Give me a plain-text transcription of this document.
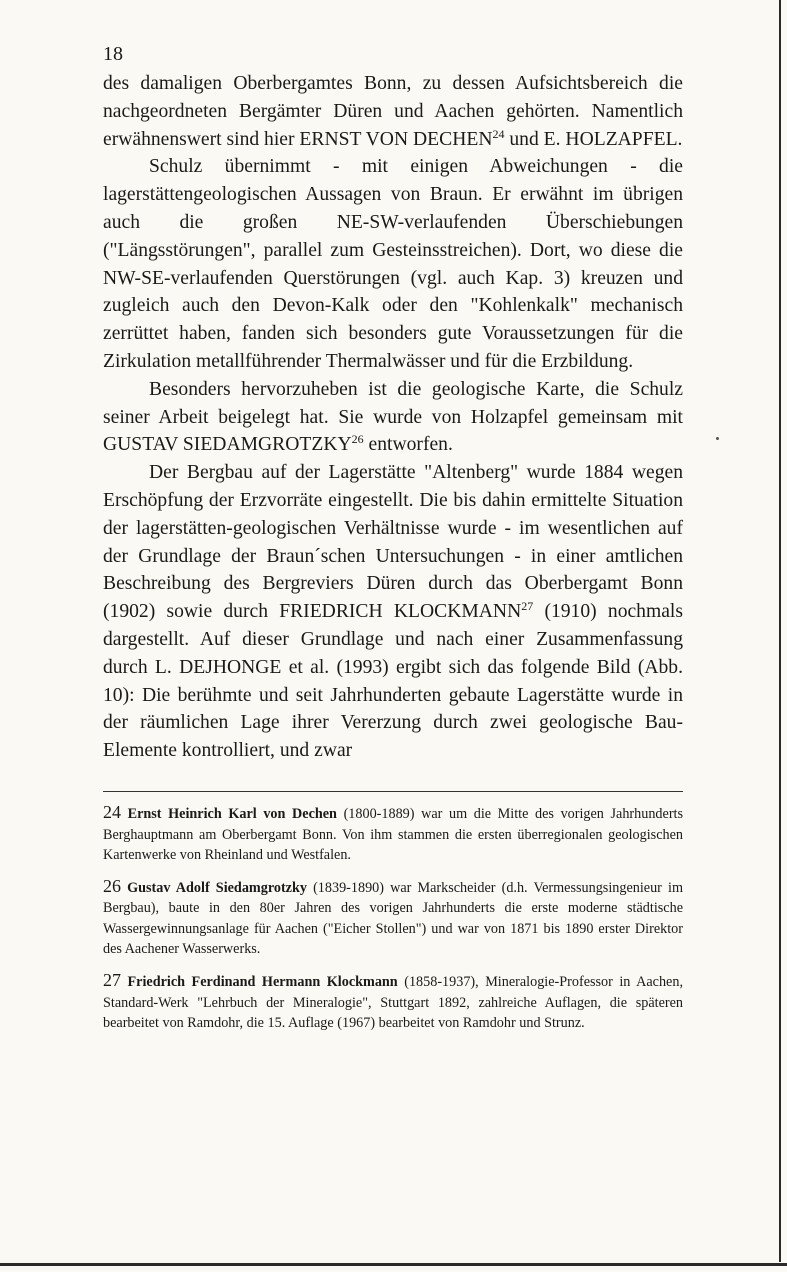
18

des damaligen Oberbergamtes Bonn, zu dessen Aufsichtsbereich die nachgeordneten Bergämter Düren und Aachen gehörten. Namentlich erwähnenswert sind hier ERNST VON DECHEN$^{24}$ und E. HOLZAPFEL.

Schulz übernimmt - mit einigen Abweichungen - die lagerstättengeologischen Aussagen von Braun. Er erwähnt im übrigen auch die großen NE-SW-verlaufenden Überschiebungen ("Längsstörungen", parallel zum Gesteinsstreichen). Dort, wo diese die NW-SE-verlaufenden Querstörungen (vgl. auch Kap. 3) kreuzen und zugleich auch den Devon-Kalk oder den "Kohlenkalk" mechanisch zerrüttet haben, fanden sich besonders gute Voraussetzungen für die Zirkulation metallführender Thermalwässer und für die Erzbildung.

Besonders hervorzuheben ist die geologische Karte, die Schulz seiner Arbeit beigelegt hat. Sie wurde von Holzapfel gemeinsam mit GUSTAV SIEDAMGROTZKY$^{26}$ entworfen.

Der Bergbau auf der Lagerstätte "Altenberg" wurde 1884 wegen Erschöpfung der Erzvorräte eingestellt. Die bis dahin ermittelte Situation der lagerstätten-geologischen Verhältnisse wurde - im wesentlichen auf der Grundlage der Braun´schen Untersuchungen - in einer amtlichen Beschreibung des Bergreviers Düren durch das Oberbergamt Bonn (1902) sowie durch FRIEDRICH KLOCKMANN$^{27}$ (1910) nochmals dargestellt. Auf dieser Grundlage und nach einer Zusammenfassung durch L. DEJHONGE et al. (1993) ergibt sich das folgende Bild (Abb. 10): Die berühmte und seit Jahrhunderten gebaute Lagerstätte wurde in der räumlichen Lage ihrer Vererzung durch zwei geologische Bau-Elemente kontrolliert, und zwar

24 Ernst Heinrich Karl von Dechen (1800-1889) war um die Mitte des vorigen Jahrhunderts Berghauptmann am Oberbergamt Bonn. Von ihm stammen die ersten überregionalen geologischen Kartenwerke von Rheinland und Westfalen.

26 Gustav Adolf Siedamgrotzky (1839-1890) war Markscheider (d.h. Vermessungsingenieur im Bergbau), baute in den 80er Jahren des vorigen Jahrhunderts die erste moderne städtische Wassergewinnungsanlage für Aachen ("Eicher Stollen") und war von 1871 bis 1890 erster Direktor des Aachener Wasserwerks.

27 Friedrich Ferdinand Hermann Klockmann (1858-1937), Mineralogie-Professor in Aachen, Standard-Werk "Lehrbuch der Mineralogie", Stuttgart 1892, zahlreiche Auflagen, die späteren bearbeitet von Ramdohr, die 15. Auflage (1967) bearbeitet von Ramdohr und Strunz.
